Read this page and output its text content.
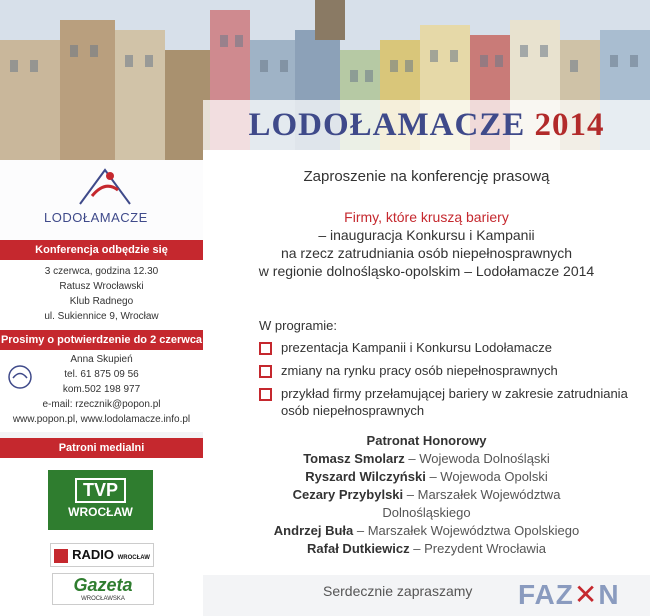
LODOŁAMACZE 2014
LODOŁAMACZE
Konferencja odbędzie się
3 czerwca, godzina 12.30
Ratusz Wrocławski
Klub Radnego
ul. Sukiennice 9, Wrocław
Prosimy o potwierdzenie do 2 czerwca
Anna Skupień
tel. 61 875 09 56
kom.502 198 977
e-mail: rzecznik@popon.pl
www.popon.pl, www.lodolamacze.info.pl
Patroni medialni
TVP
WROCŁAW
RADIO WROCŁAW
Gazeta
WROCŁAWSKA
Zaproszenie na konferencję prasową
Firmy, które kruszą bariery
– inauguracja Konkursu i Kampanii
na rzecz zatrudniania osób niepełnosprawnych
w regionie dolnośląsko-opolskim – Lodołamacze 2014
W programie:
prezentacja Kampanii i Konkursu Lodołamacze
zmiany na rynku pracy osób niepełnosprawnych
przykład firmy przełamującej bariery w zakresie zatrudniania osób niepełnosprawnych
Patronat Honorowy
Tomasz Smolarz – Wojewoda Dolnośląski
Ryszard Wilczyński – Wojewoda Opolski
Cezary Przybylski – Marszałek Województwa
Dolnośląskiego
Andrzej Buła – Marszałek Województwa Opolskiego
Rafał Dutkiewicz – Prezydent Wrocławia
Serdecznie zapraszamy FAZ✕N
